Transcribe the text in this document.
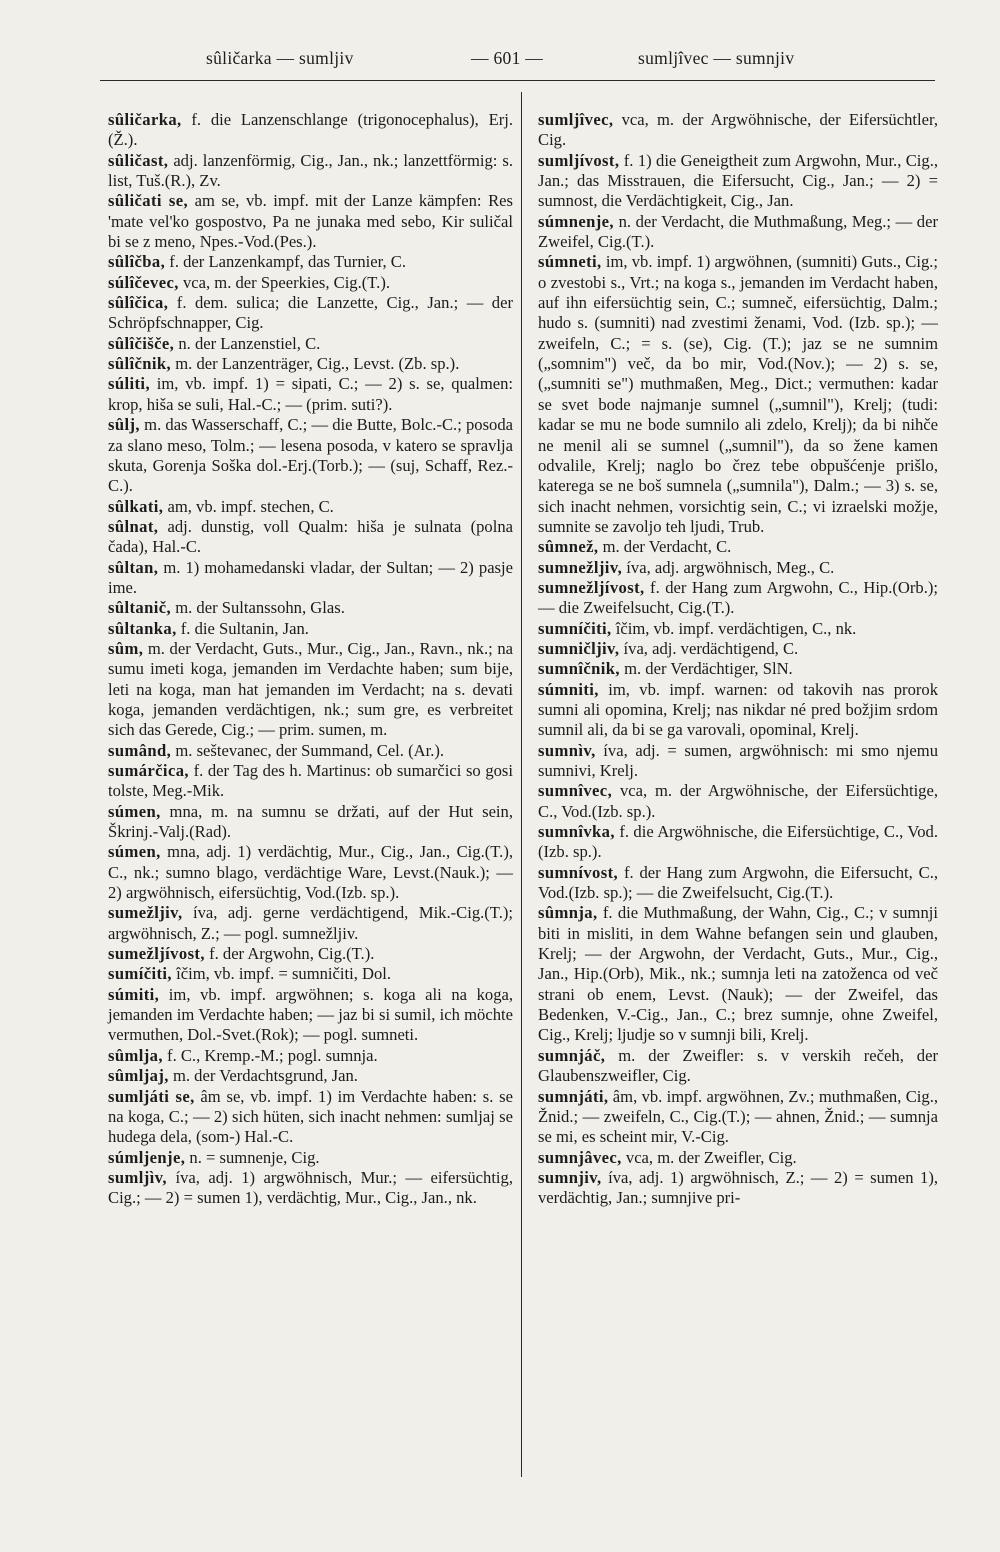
sûličarka — sumljiv	— 601 —	sumljîvec — sumnjiv

sûličarka, f. die Lanzenschlange (trigonocephalus), Erj.(Ž.).

sûličast, adj. lanzenförmig, Cig., Jan., nk.; lanzettförmig: s. list, Tuš.(R.), Zv.

sûličati se, am se, vb. impf. mit der Lanze kämpfen: Res 'mate vel'ko gospostvo, Pa ne junaka med sebo, Kir suličal bi se z meno, Npes.-Vod.(Pes.).

sûlîčba, f. der Lanzenkampf, das Turnier, C.

súlîčevec, vca, m. der Speerkies, Cig.(T.).

sûlîčica, f. dem. sulica; die Lanzette, Cig., Jan.; — der Schröpfschnapper, Cig.

sûlîčišče, n. der Lanzenstiel, C.

sûlîčnik, m. der Lanzenträger, Cig., Levst. (Zb. sp.).

súliti, im, vb. impf. 1) = sipati, C.; — 2) s. se, qualmen: krop, hiša se suli, Hal.-C.; — (prim. suti?).

sûlj, m. das Wasserschaff, C.; — die Butte, Bolc.-C.; posoda za slano meso, Tolm.; — lesena posoda, v katero se spravlja skuta, Gorenja Soška dol.-Erj.(Torb.); — (suj, Schaff, Rez.-C.).

sûlkati, am, vb. impf. stechen, C.

sûlnat, adj. dunstig, voll Qualm: hiša je sulnata (polna čada), Hal.-C.

sûltan, m. 1) mohamedanski vladar, der Sultan; — 2) pasje ime.

sûltanič, m. der Sultanssohn, Glas.

sûltanka, f. die Sultanin, Jan.

sûm, m. der Verdacht, Guts., Mur., Cig., Jan., Ravn., nk.; na sumu imeti koga, jemanden im Verdachte haben; sum bije, leti na koga, man hat jemanden im Verdacht; na s. devati koga, jemanden verdächtigen, nk.; sum gre, es verbreitet sich das Gerede, Cig.; — prim. sumen, m.

sumând, m. seštevanec, der Summand, Cel. (Ar.).

sumárčica, f. der Tag des h. Martinus: ob sumarčici so gosi tolste, Meg.-Mik.

súmen, mna, m. na sumnu se držati, auf der Hut sein, Škrinj.-Valj.(Rad).

súmen, mna, adj. 1) verdächtig, Mur., Cig., Jan., Cig.(T.), C., nk.; sumno blago, verdächtige Ware, Levst.(Nauk.); — 2) argwöhnisch, eifersüchtig, Vod.(Izb. sp.).

sumežljiv, íva, adj. gerne verdächtigend, Mik.-Cig.(T.); argwöhnisch, Z.; — pogl. sumnežljiv.

sumežljívost, f. der Argwohn, Cig.(T.).

sumíčiti, îčim, vb. impf. = sumničiti, Dol.

súmiti, im, vb. impf. argwöhnen; s. koga ali na koga, jemanden im Verdachte haben; — jaz bi si sumil, ich möchte vermuthen, Dol.-Svet.(Rok); — pogl. sumneti.

sûmlja, f. C., Kremp.-M.; pogl. sumnja.

sûmljaj, m. der Verdachtsgrund, Jan.

sumljáti se, âm se, vb. impf. 1) im Verdachte haben: s. se na koga, C.; — 2) sich hüten, sich inacht nehmen: sumljaj se hudega dela, (som-) Hal.-C.

súmljenje, n. = sumnenje, Cig.

sumljìv, íva, adj. 1) argwöhnisch, Mur.; — eifersüchtig, Cig.; — 2) = sumen 1), verdächtig, Mur., Cig., Jan., nk.

sumljîvec, vca, m. der Argwöhnische, der Eifersüchtler, Cig.

sumljívost, f. 1) die Geneigtheit zum Argwohn, Mur., Cig., Jan.; das Misstrauen, die Eifersucht, Cig., Jan.; — 2) = sumnost, die Verdächtigkeit, Cig., Jan.

súmnenje, n. der Verdacht, die Muthmaßung, Meg.; — der Zweifel, Cig.(T.).

súmneti, im, vb. impf. 1) argwöhnen, (sumniti) Guts., Cig.; o zvestobi s., Vrt.; na koga s., jemanden im Verdacht haben, auf ihn eifersüchtig sein, C.; sumneč, eifersüchtig, Dalm.; hudo s. (sumniti) nad zvestimi ženami, Vod. (Izb. sp.); — zweifeln, C.; = s. (se), Cig. (T.); jaz se ne sumnim („somnim") več, da bo mir, Vod.(Nov.); — 2) s. se, („sumniti se") muthmaßen, Meg., Dict.; vermuthen: kadar se svet bode najmanje sumnel („sumnil"), Krelj; (tudi: kadar se mu ne bode sumnilo ali zdelo, Krelj); da bi nihče ne menil ali se sumnel („sumnil"), da so žene kamen odvalile, Krelj; naglo bo črez tebe obpušćenje prišlo, katerega se ne boš sumnela („sumnila"), Dalm.; — 3) s. se, sich inacht nehmen, vorsichtig sein, C.; vi izraelski možje, sumnite se zavoljo teh ljudi, Trub.

sûmnež, m. der Verdacht, C.

sumnežljiv, íva, adj. argwöhnisch, Meg., C.

sumnežljívost, f. der Hang zum Argwohn, C., Hip.(Orb.); — die Zweifelsucht, Cig.(T.).

sumníčiti, îčim, vb. impf. verdächtigen, C., nk.

sumničljiv, íva, adj. verdächtigend, C.

sumnîčnik, m. der Verdächtiger, SlN.

súmniti, im, vb. impf. warnen: od takovih nas prorok sumni ali opomina, Krelj; nas nikdar né pred božjim srdom sumnil ali, da bi se ga varovali, opominal, Krelj.

sumnìv, íva, adj. = sumen, argwöhnisch: mi smo njemu sumnivi, Krelj.

sumnîvec, vca, m. der Argwöhnische, der Eifersüchtige, C., Vod.(Izb. sp.).

sumnîvka, f. die Argwöhnische, die Eifersüchtige, C., Vod.(Izb. sp.).

sumnívost, f. der Hang zum Argwohn, die Eifersucht, C., Vod.(Izb. sp.); — die Zweifelsucht, Cig.(T.).

sûmnja, f. die Muthmaßung, der Wahn, Cig., C.; v sumnji biti in misliti, in dem Wahne befangen sein und glauben, Krelj; — der Argwohn, der Verdacht, Guts., Mur., Cig., Jan., Hip.(Orb), Mik., nk.; sumnja leti na zatoženca od več strani ob enem, Levst. (Nauk); — der Zweifel, das Bedenken, V.-Cig., Jan., C.; brez sumnje, ohne Zweifel, Cig., Krelj; ljudje so v sumnji bili, Krelj.

sumnjáč, m. der Zweifler: s. v verskih rečeh, der Glaubenszweifler, Cig.

sumnjáti, âm, vb. impf. argwöhnen, Zv.; muthmaßen, Cig., Žnid.; — zweifeln, C., Cig.(T.); — ahnen, Žnid.; — sumnja se mi, es scheint mir, V.-Cig.

sumnjâvec, vca, m. der Zweifler, Cig.

sumnjiv, íva, adj. 1) argwöhnisch, Z.; — 2) = sumen 1), verdächtig, Jan.; sumnjive pri-
